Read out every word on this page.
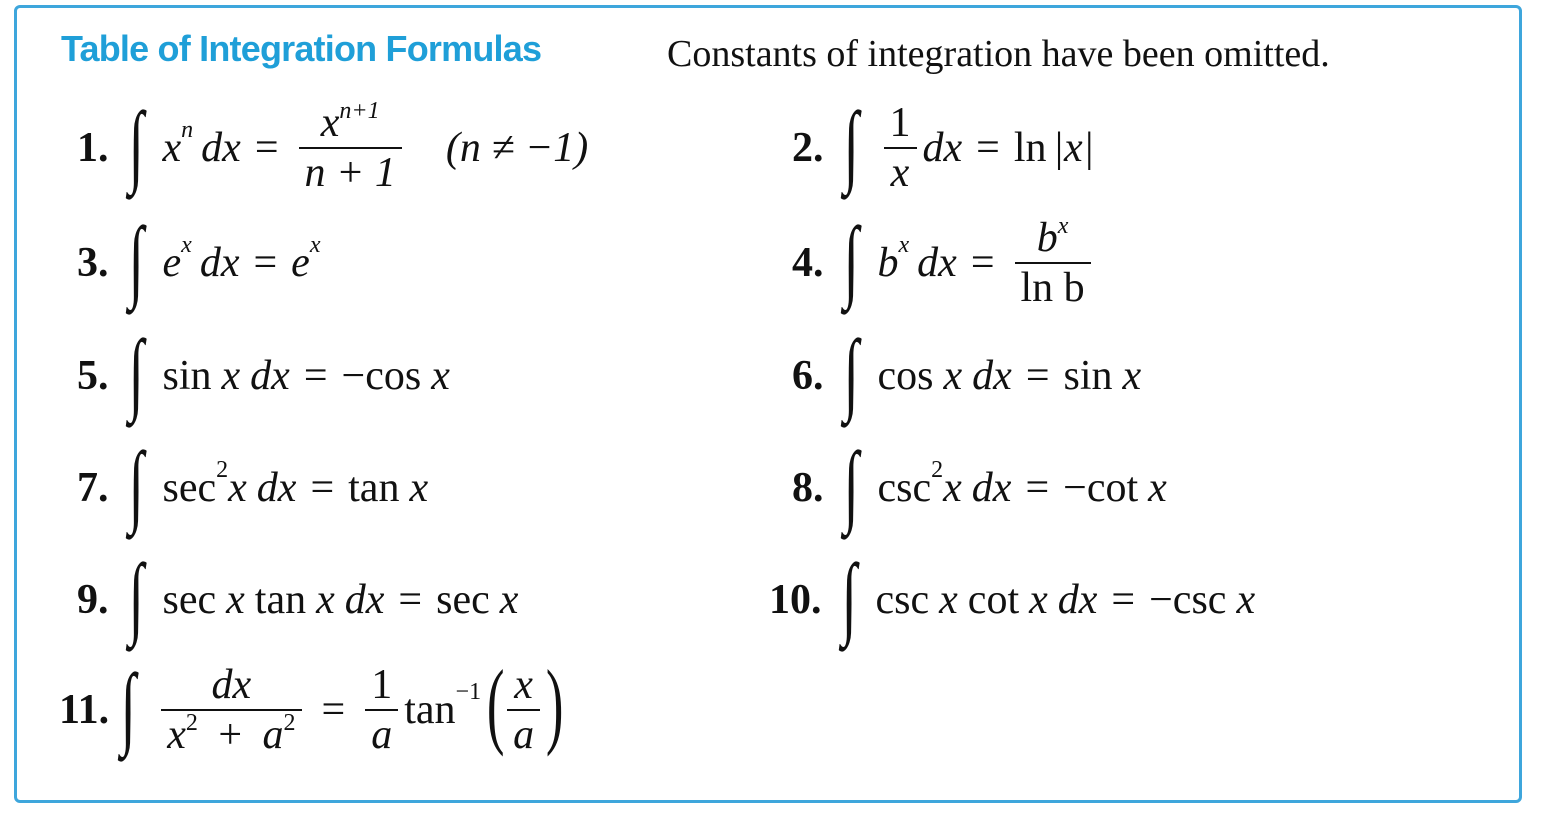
Table of Integration Formulas	Constants of integration have been omitted.
1. ∫ x n dx = $\frac{x^{n+1}}{n + 1} (n \ne -1)$	2. ∫ $\frac{1}{x}$ dx = ln |x|
3. ∫ e x dx = e x	4. ∫ b x dx = $\frac{b^x}{\text{ln b}}$
5. ∫ sin x dx = −cos x	6. ∫ cos x dx = sin x
7. ∫ sec 2 x dx = tan x	8. ∫ csc 2 x dx = −cot x
9. ∫ sec x tan x dx = sec x	10. ∫ csc x cot x dx = −csc x
11. ∫ $\frac{dx}{x^2 + a^2} = \frac{1}{a}$ tan −1 ( $\frac{x}{a}$ )
